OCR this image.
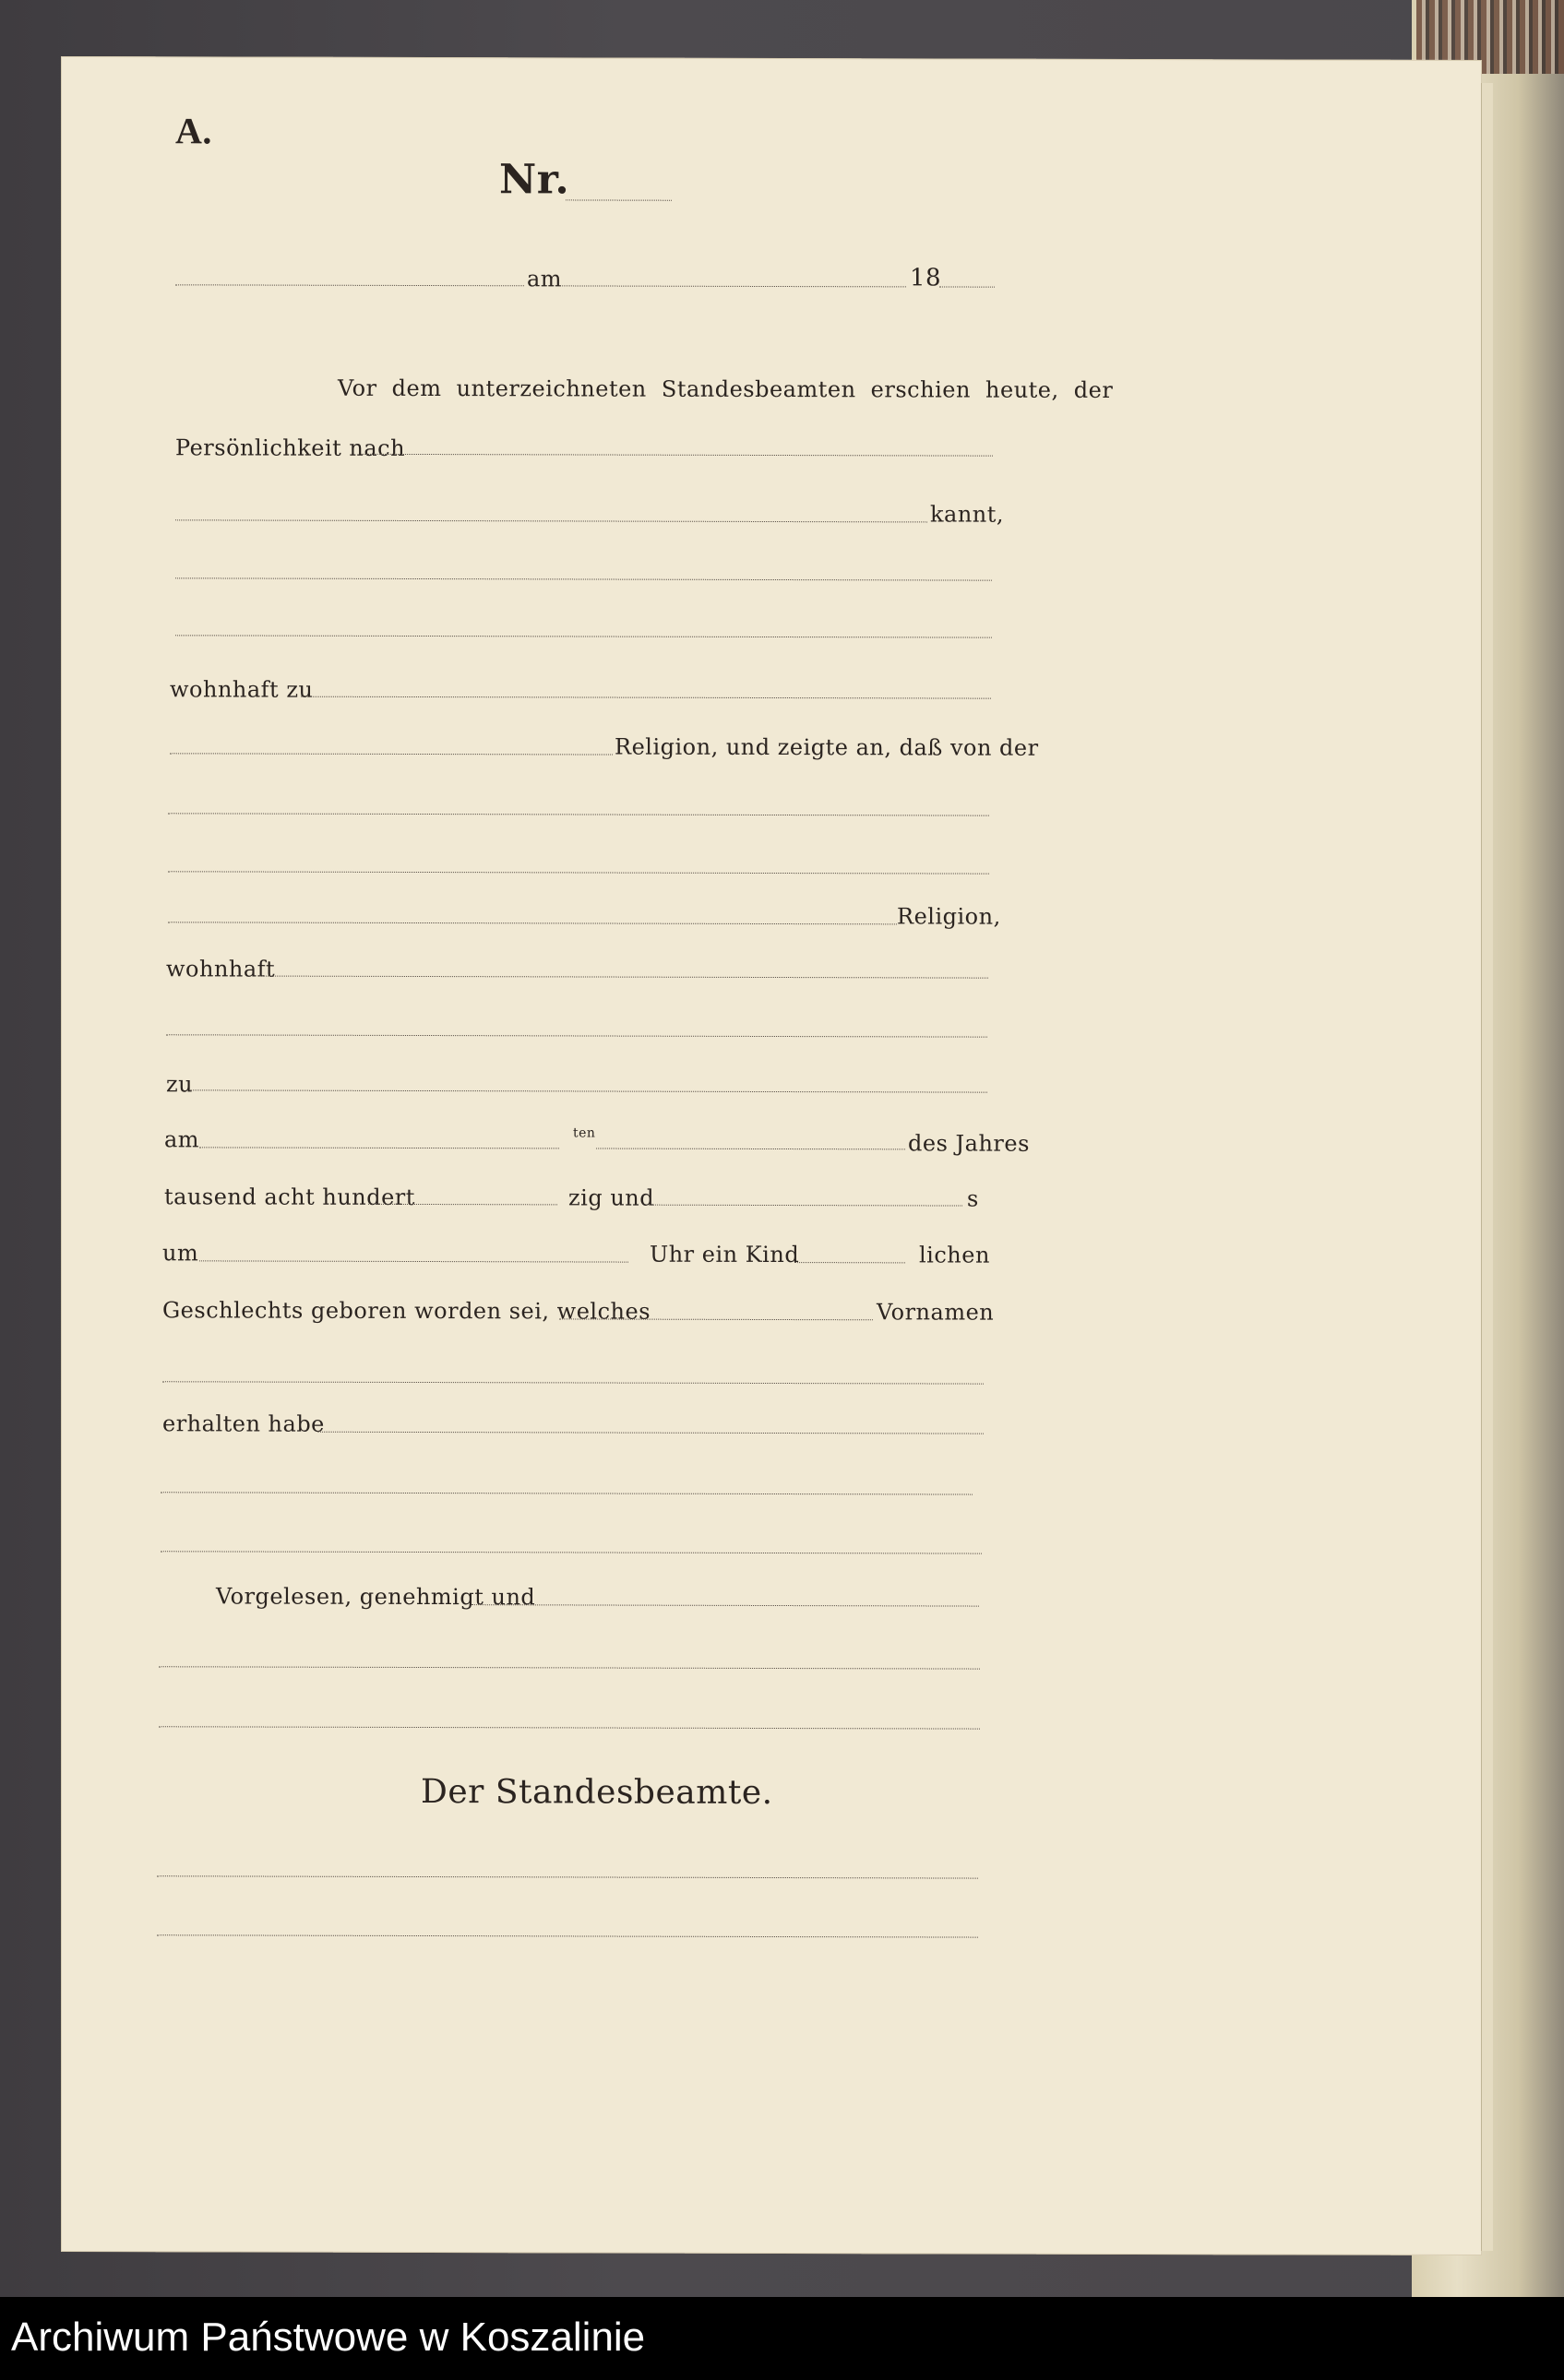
A.
Nr.
am	18
Vor dem unterzeichneten Standesbeamten erschien heute, der
Persönlichkeit nach
kannt,
wohnhaft zu
Religion, und zeigte an, daß von der
Religion,
wohnhaft
zu
am	ten	des Jahres
tausend acht hundert	zig und	s
um	Uhr ein Kind	lichen
Geschlechts geboren worden sei, welches	Vornamen
erhalten habe
Vorgelesen, genehmigt und
Der Standesbeamte.
Archiwum Państwowe w Koszalinie
